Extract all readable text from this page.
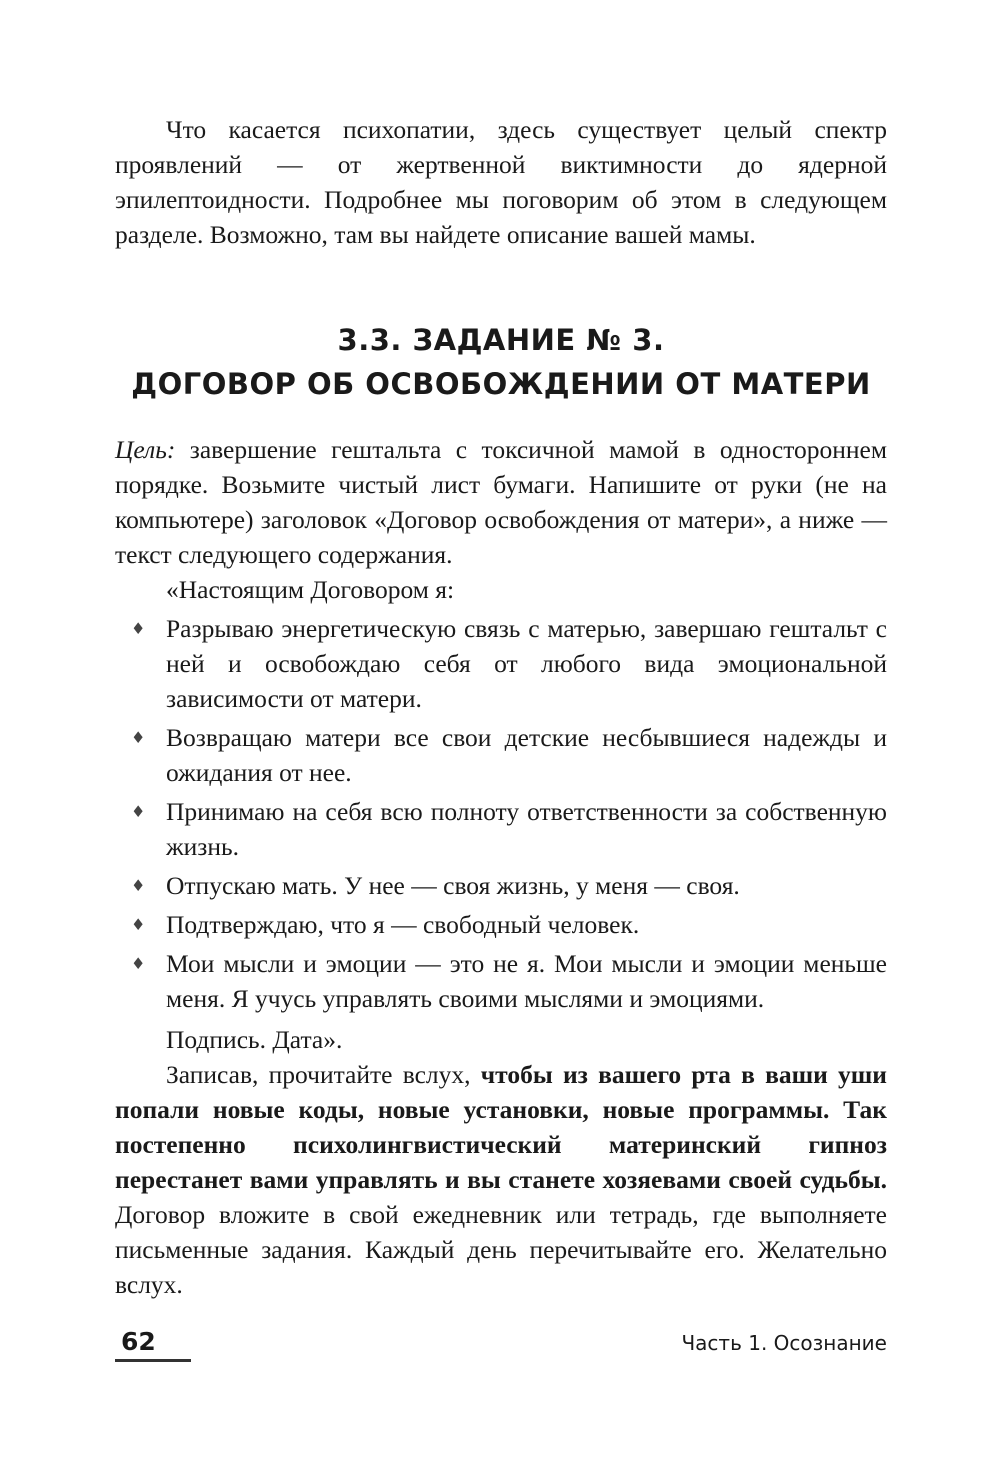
Что касается психопатии, здесь существует целый спектр проявлений — от жертвенной виктимности до ядерной эпилептоидности. Подробнее мы поговорим об этом в следующем разделе. Возможно, там вы найдете описание вашей мамы.

3.3. ЗАДАНИЕ № 3.
ДОГОВОР ОБ ОСВОБОЖДЕНИИ ОТ МАТЕРИ

Цель: завершение гештальта с токсичной мамой в одностороннем порядке. Возьмите чистый лист бумаги. Напишите от руки (не на компьютере) заголовок «Договор освобождения от матери», а ниже — текст следующего содержания.

«Настоящим Договором я:

♦ Разрываю энергетическую связь с матерью, завершаю гештальт с ней и освобождаю себя от любого вида эмоциональной зависимости от матери.
♦ Возвращаю матери все свои детские несбывшиеся надежды и ожидания от нее.
♦ Принимаю на себя всю полноту ответственности за собственную жизнь.
♦ Отпускаю мать. У нее — своя жизнь, у меня — своя.
♦ Подтверждаю, что я — свободный человек.
♦ Мои мысли и эмоции — это не я. Мои мысли и эмоции меньше меня. Я учусь управлять своими мыслями и эмоциями.

Подпись. Дата».

Записав, прочитайте вслух, чтобы из вашего рта в ваши уши попали новые коды, новые установки, новые программы. Так постепенно психолингвистический материнский гипноз перестанет вами управлять и вы станете хозяевами своей судьбы. Договор вложите в свой ежедневник или тетрадь, где выполняете письменные задания. Каждый день перечитывайте его. Желательно вслух.

62	Часть 1. Осознание
